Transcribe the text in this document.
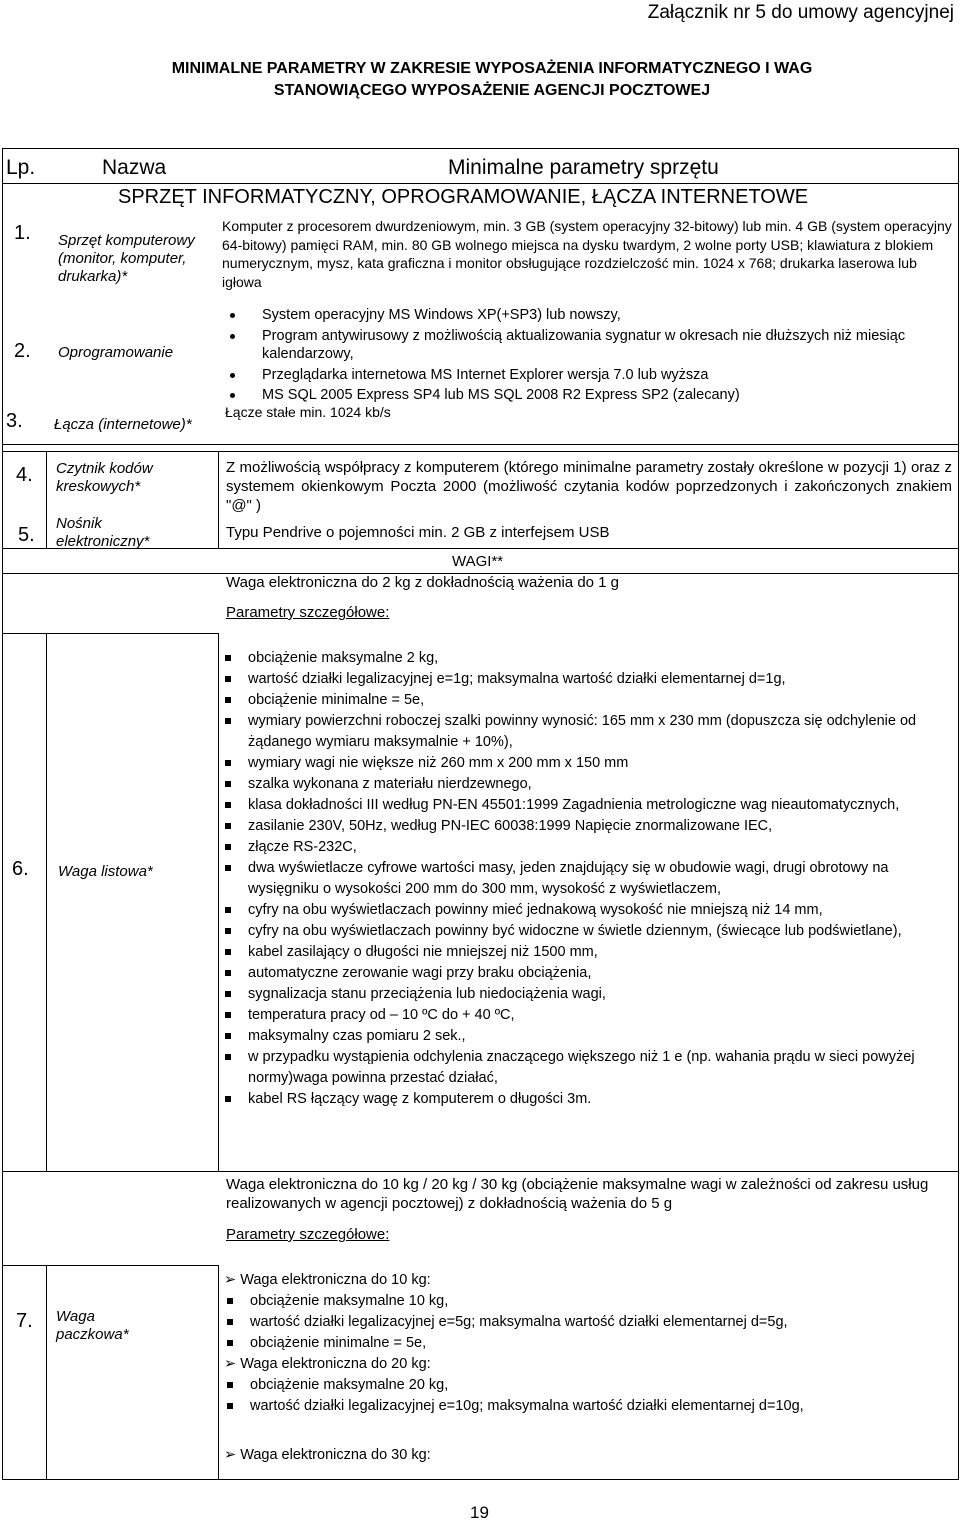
Załącznik nr 5 do umowy agencyjnej
MINIMALNE PARAMETRY W ZAKRESIE WYPOSAŻENIA INFORMATYCZNEGO I WAG
STANOWIĄCEGO WYPOSAŻENIE AGENCJI POCZTOWEJ
Lp.	Nazwa	Minimalne parametry sprzętu
SPRZĘT INFORMATYCZNY, OPROGRAMOWANIE, ŁĄCZA INTERNETOWE
1. Sprzęt komputerowy (monitor, komputer, drukarka)*
Komputer z procesorem dwurdzeniowym, min. 3 GB (system operacyjny 32-bitowy) lub min. 4 GB (system operacyjny 64-bitowy) pamięci RAM, min. 80 GB wolnego miejsca na dysku twardym, 2 wolne porty USB; klawiatura z blokiem numerycznym, mysz, kata graficzna i monitor obsługujące rozdzielczość min. 1024 x 768; drukarka laserowa lub igłowa
2. Oprogramowanie
System operacyjny MS Windows XP(+SP3) lub nowszy,
Program antywirusowy z możliwością aktualizowania sygnatur w okresach nie dłuższych niż miesiąc kalendarzowy,
Przeglądarka internetowa MS Internet Explorer wersja 7.0 lub wyższa
MS SQL 2005 Express SP4 lub MS SQL 2008 R2 Express SP2 (zalecany)
3. Łącza (internetowe)*
Łącze stałe min. 1024 kb/s
4. Czytnik kodów kreskowych*
Z możliwością współpracy z komputerem (którego minimalne parametry zostały określone w pozycji 1) oraz z systemem okienkowym Poczta 2000 (możliwość czytania kodów poprzedzonych i zakończonych znakiem "@" )
5.
Nośnik elektroniczny*
Typu Pendrive o pojemności min. 2 GB z interfejsem USB
WAGI**
Waga elektroniczna do 2 kg z dokładnością ważenia do 1 g
Parametry szczegółowe:
6. Waga listowa*
obciążenie maksymalne 2 kg,
wartość działki legalizacyjnej e=1g; maksymalna wartość działki elementarnej d=1g,
obciążenie minimalne = 5e,
wymiary powierzchni roboczej szalki powinny wynosić: 165 mm x 230 mm (dopuszcza się odchylenie od żądanego wymiaru maksymalnie + 10%),
wymiary wagi nie większe niż 260 mm x 200 mm x 150 mm
szalka wykonana z materiału nierdzewnego,
klasa dokładności III według PN-EN 45501:1999 Zagadnienia metrologiczne wag nieautomatycznych,
zasilanie 230V, 50Hz, według PN-IEC 60038:1999 Napięcie znormalizowane IEC,
złącze RS-232C,
dwa wyświetlacze cyfrowe wartości masy, jeden znajdujący się w obudowie wagi, drugi obrotowy na wysięgniku o wysokości 200 mm do 300 mm, wysokość z wyświetlaczem,
cyfry na obu wyświetlaczach powinny mieć jednakową wysokość nie mniejszą niż 14 mm,
cyfry na obu wyświetlaczach powinny być widoczne w świetle dziennym, (świecące lub podświetlane),
kabel zasilający o długości nie mniejszej niż 1500 mm,
automatyczne zerowanie wagi przy braku obciążenia,
sygnalizacja stanu przeciążenia lub niedociążenia wagi,
temperatura pracy od – 10 ºC do + 40 ºC,
maksymalny czas pomiaru 2 sek.,
w przypadku wystąpienia odchylenia znaczącego większego niż 1 e (np. wahania prądu w sieci powyżej normy)waga powinna przestać działać,
kabel RS łączący wagę z komputerem o długości 3m.
Waga elektroniczna do 10 kg / 20 kg / 30 kg (obciążenie maksymalne wagi w zależności od zakresu usług realizowanych w agencji pocztowej) z dokładnością ważenia do 5 g
Parametry szczegółowe:
7. Waga paczkowa*
➢ Waga elektroniczna do 10 kg:
obciążenie maksymalne 10 kg,
wartość działki legalizacyjnej e=5g; maksymalna wartość działki elementarnej d=5g,
obciążenie minimalne = 5e,
➢ Waga elektroniczna do 20 kg:
obciążenie maksymalne 20 kg,
wartość działki legalizacyjnej e=10g; maksymalna wartość działki elementarnej d=10g,
➢ Waga elektroniczna do 30 kg:
19
